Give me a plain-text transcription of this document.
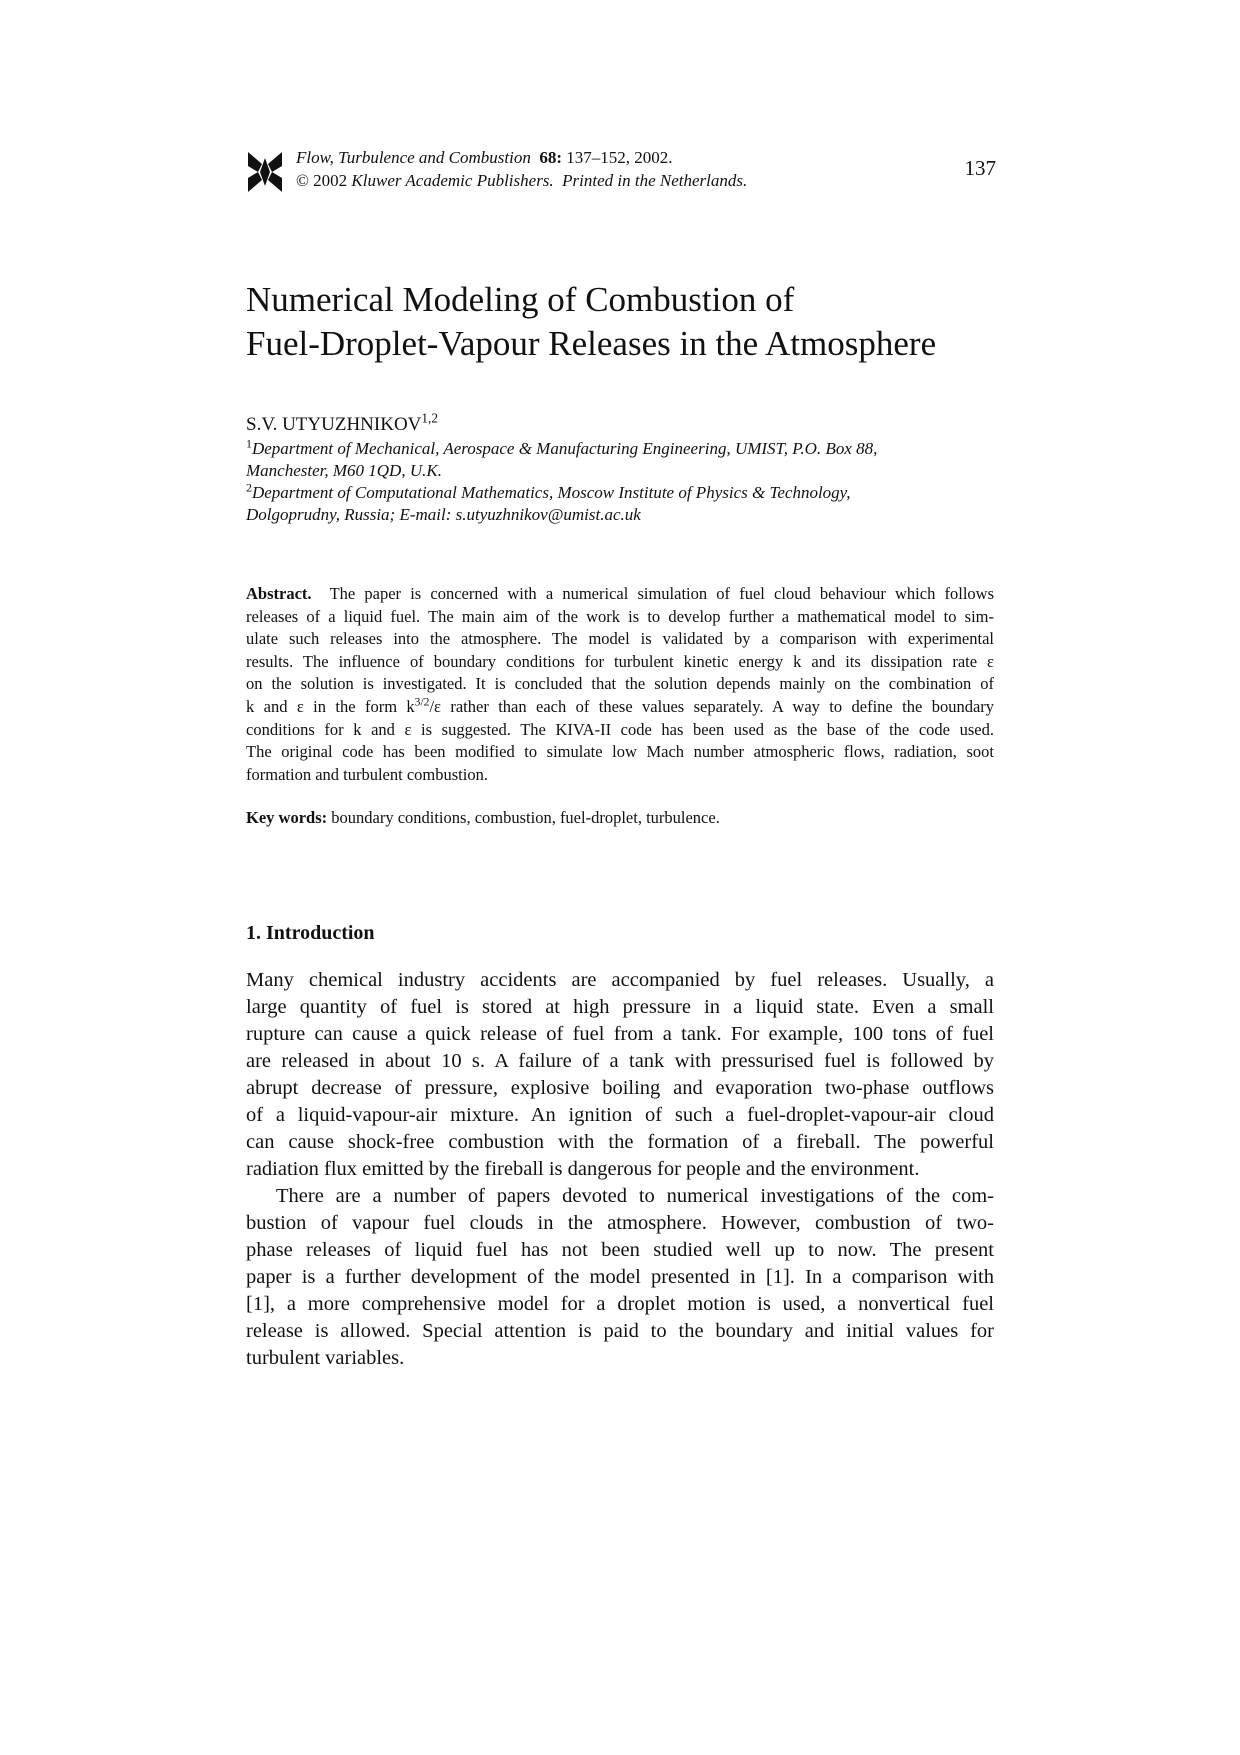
Flow, Turbulence and Combustion 68: 137–152, 2002.
© 2002 Kluwer Academic Publishers. Printed in the Netherlands.
137
Numerical Modeling of Combustion of
Fuel-Droplet-Vapour Releases in the Atmosphere
S.V. UTYUZHNIKOV$^{1,2}$
$^1$Department of Mechanical, Aerospace & Manufacturing Engineering, UMIST, P.O. Box 88,
Manchester, M60 1QD, U.K.
$^2$Department of Computational Mathematics, Moscow Institute of Physics & Technology,
Dolgoprudny, Russia; E-mail: s.utyuzhnikov@umist.ac.uk
Abstract. The paper is concerned with a numerical simulation of fuel cloud behaviour which follows
releases of a liquid fuel. The main aim of the work is to develop further a mathematical model to sim-
ulate such releases into the atmosphere. The model is validated by a comparison with experimental
results. The influence of boundary conditions for turbulent kinetic energy k and its dissipation rate ε
on the solution is investigated. It is concluded that the solution depends mainly on the combination of
k and ε in the form $k^{3/2}/\varepsilon$ rather than each of these values separately. A way to define the boundary
conditions for k and ε is suggested. The KIVA-II code has been used as the base of the code used.
The original code has been modified to simulate low Mach number atmospheric flows, radiation, soot
formation and turbulent combustion.
Key words: boundary conditions, combustion, fuel-droplet, turbulence.
1. Introduction
Many chemical industry accidents are accompanied by fuel releases. Usually, a
large quantity of fuel is stored at high pressure in a liquid state. Even a small
rupture can cause a quick release of fuel from a tank. For example, 100 tons of fuel
are released in about 10 s. A failure of a tank with pressurised fuel is followed by
abrupt decrease of pressure, explosive boiling and evaporation two-phase outflows
of a liquid-vapour-air mixture. An ignition of such a fuel-droplet-vapour-air cloud
can cause shock-free combustion with the formation of a fireball. The powerful
radiation flux emitted by the fireball is dangerous for people and the environment.
There are a number of papers devoted to numerical investigations of the com-
bustion of vapour fuel clouds in the atmosphere. However, combustion of two-
phase releases of liquid fuel has not been studied well up to now. The present
paper is a further development of the model presented in [1]. In a comparison with
[1], a more comprehensive model for a droplet motion is used, a nonvertical fuel
release is allowed. Special attention is paid to the boundary and initial values for
turbulent variables.
